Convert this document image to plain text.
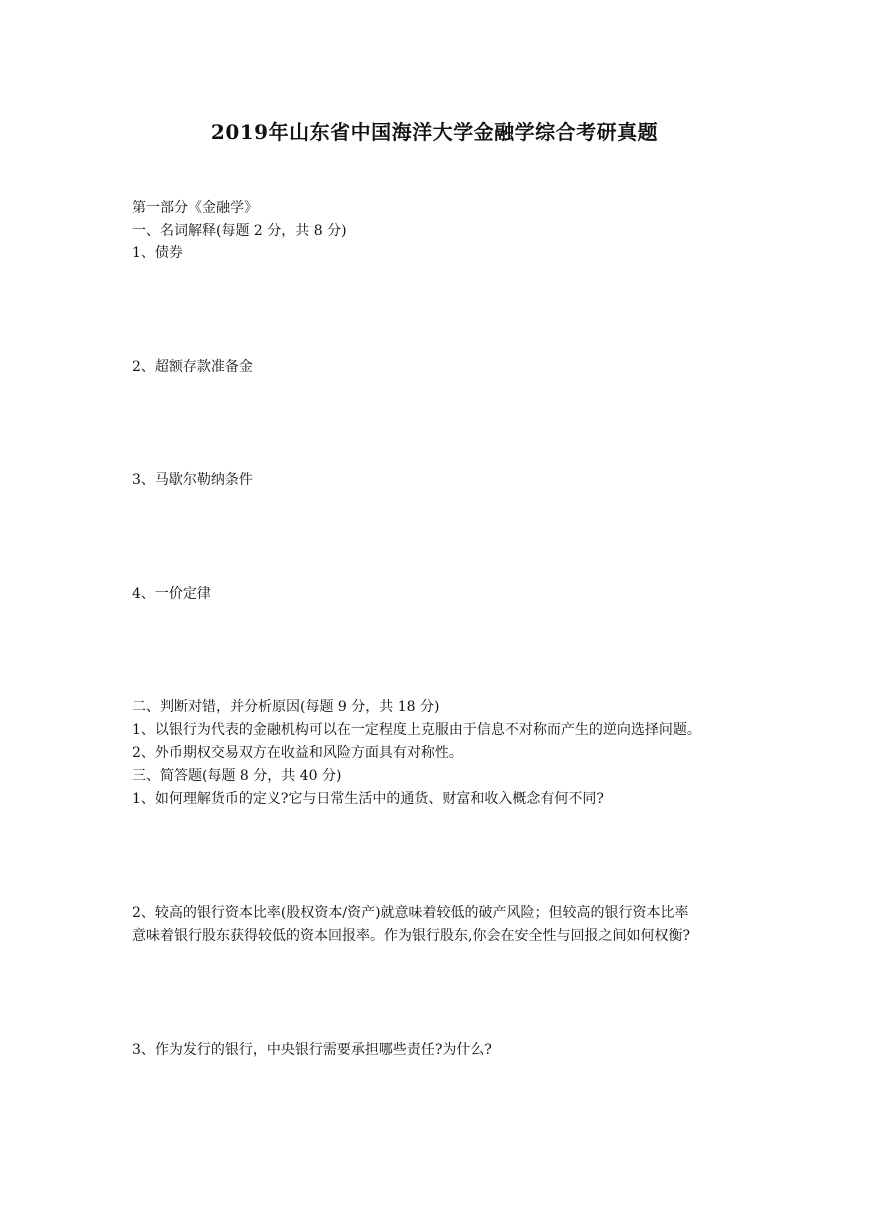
2019年山东省中国海洋大学金融学综合考研真题
第一部分《金融学》
一、名词解释(每题 2 分，共 8 分)
1、债券
2、超额存款准备金
3、马歇尔勒纳条件
4、一价定律
二、判断对错，并分析原因(每题 9 分，共 18 分)
1、以银行为代表的金融机构可以在一定程度上克服由于信息不对称而产生的逆向选择问题。
2、外币期权交易双方在收益和风险方面具有对称性。
三、简答题(每题 8 分，共 40 分)
1、如何理解货币的定义?它与日常生活中的通货、财富和收入概念有何不同?
2、较高的银行资本比率(股权资本/资产)就意味着较低的破产风险；但较高的银行资本比率
意味着银行股东获得较低的资本回报率。作为银行股东,你会在安全性与回报之间如何权衡?
3、作为发行的银行，中央银行需要承担哪些责任?为什么?
